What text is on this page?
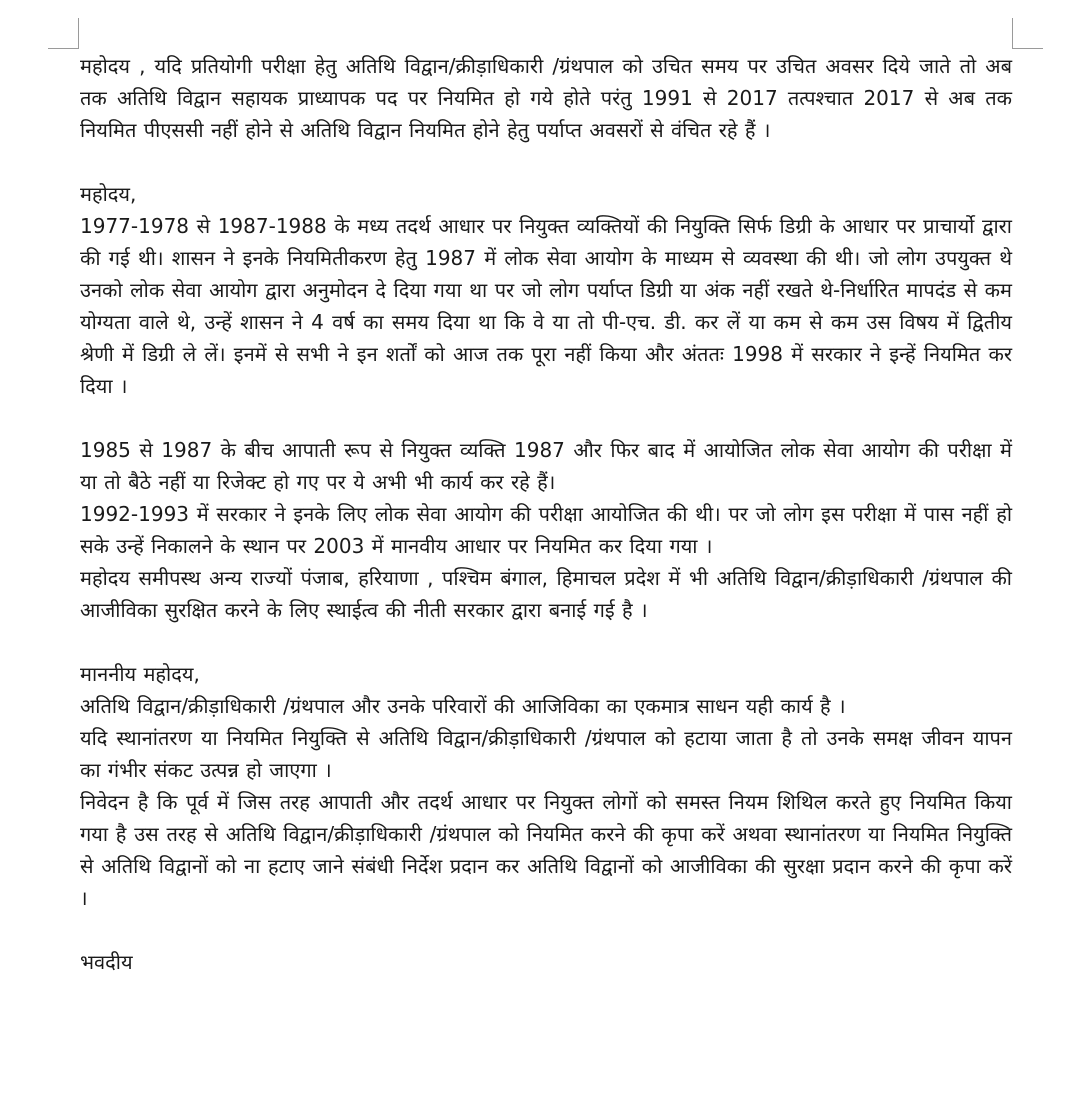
महोदय , यदि प्रतियोगी परीक्षा हेतु अतिथि विद्वान/क्रीड़ाधिकारी /ग्रंथपाल को उचित समय पर उचित अवसर दिये जाते तो अब तक अतिथि विद्वान सहायक प्राध्यापक पद पर नियमित हो गये होते परंतु 1991 से 2017 तत्पश्चात 2017 से अब तक नियमित पीएससी नहीं होने से अतिथि विद्वान नियमित होने हेतु पर्याप्त अवसरों से वंचित रहे हैं ।

महोदय,

1977-1978 से 1987-1988 के मध्य तदर्थ आधार पर नियुक्त व्यक्तियों की नियुक्ति सिर्फ डिग्री के आधार पर प्राचार्यो द्वारा की गई थी। शासन ने इनके नियमितीकरण हेतु 1987 में लोक सेवा आयोग के माध्यम से व्यवस्था की थी। जो लोग उपयुक्त थे उनको लोक सेवा आयोग द्वारा अनुमोदन दे दिया गया था पर जो लोग पर्याप्त डिग्री या अंक नहीं रखते थे-निर्धारित मापदंड से कम योग्यता वाले थे, उन्हें शासन ने 4 वर्ष का समय दिया था कि वे या तो पी-एच. डी. कर लें या कम से कम उस विषय में द्वितीय श्रेणी में डिग्री ले लें। इनमें से सभी ने इन शर्तों को आज तक पूरा नहीं किया और अंततः 1998 में सरकार ने इन्हें नियमित कर दिया ।

1985 से 1987 के बीच आपाती रूप से नियुक्त व्यक्ति 1987 और फिर बाद में आयोजित लोक सेवा आयोग की परीक्षा में या तो बैठे नहीं या रिजेक्ट हो गए पर ये अभी भी कार्य कर रहे हैं।

1992-1993 में सरकार ने इनके लिए लोक सेवा आयोग की परीक्षा आयोजित की थी। पर जो लोग इस परीक्षा में पास नहीं हो सके उन्हें निकालने के स्थान पर 2003 में मानवीय आधार पर नियमित कर दिया गया ।

महोदय समीपस्थ अन्य राज्यों पंजाब, हरियाणा , पश्चिम बंगाल, हिमाचल प्रदेश में भी अतिथि विद्वान/क्रीड़ाधिकारी /ग्रंथपाल की आजीविका सुरक्षित करने के लिए स्थाईत्व की नीती सरकार द्वारा बनाई गई है ।

माननीय महोदय,

अतिथि विद्वान/क्रीड़ाधिकारी /ग्रंथपाल और उनके परिवारों की आजिविका का एकमात्र साधन यही कार्य है ।

यदि स्थानांतरण या नियमित नियुक्ति से अतिथि विद्वान/क्रीड़ाधिकारी /ग्रंथपाल को हटाया जाता है तो उनके समक्ष जीवन यापन का गंभीर संकट उत्पन्न हो जाएगा ।

निवेदन है कि पूर्व में जिस तरह आपाती और तदर्थ आधार पर नियुक्त लोगों को समस्त नियम शिथिल करते हुए नियमित किया गया है उस तरह से अतिथि विद्वान/क्रीड़ाधिकारी /ग्रंथपाल को नियमित करने की कृपा करें अथवा स्थानांतरण या नियमित नियुक्ति से अतिथि विद्वानों को ना हटाए जाने संबंधी निर्देश प्रदान कर अतिथि विद्वानों को आजीविका की सुरक्षा प्रदान करने की कृपा करें ।

भवदीय
